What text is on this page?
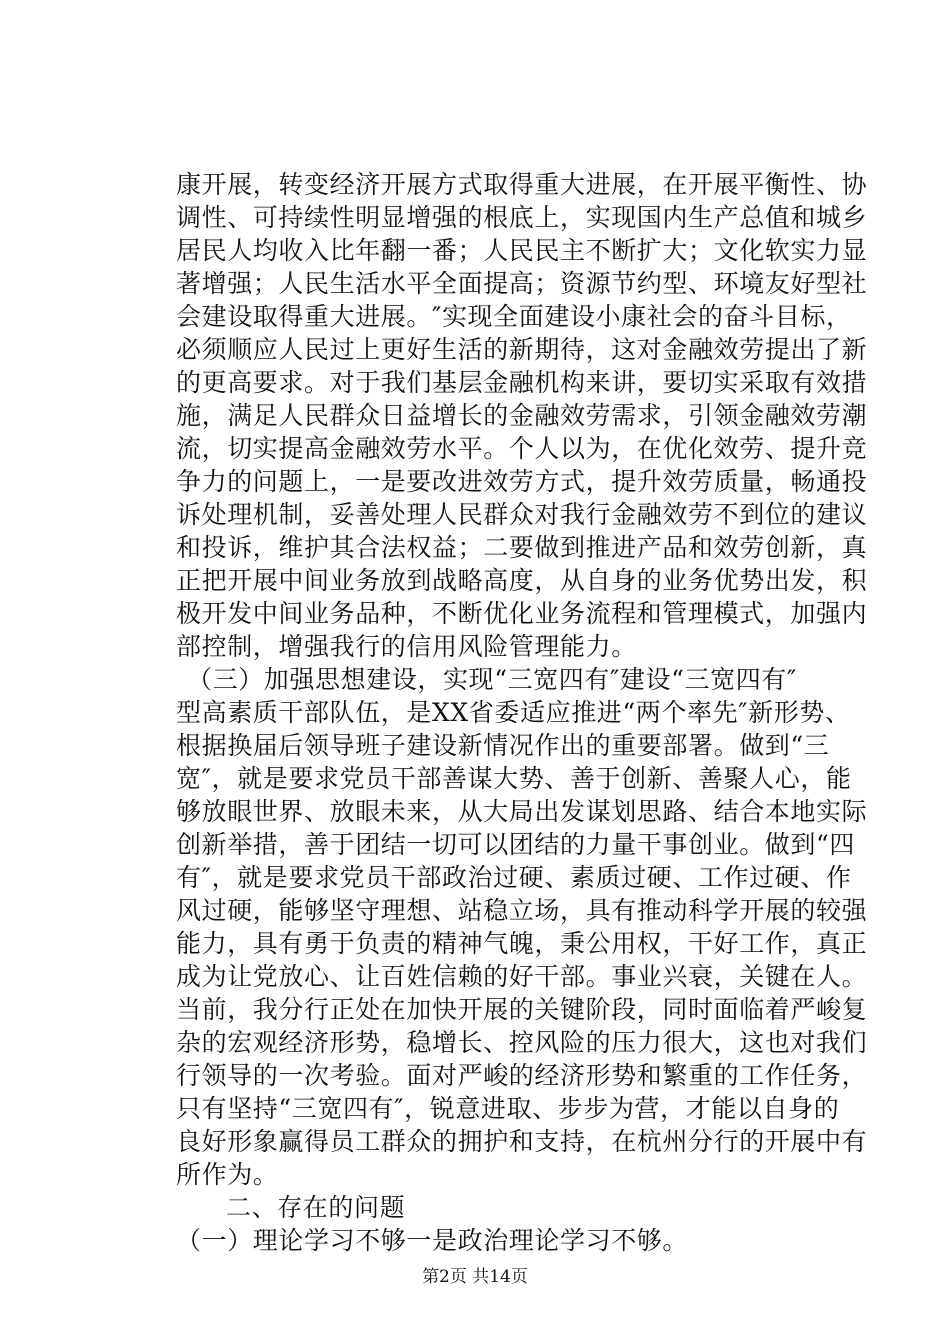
康开展，转变经济开展方式取得重大进展，在开展平衡性、协
调性、可持续性明显增强的根底上，实现国内生产总值和城乡
居民人均收入比年翻一番；人民民主不断扩大；文化软实力显
著增强；人民生活水平全面提高；资源节约型、环境友好型社
会建设取得重大进展。″实现全面建设小康社会的奋斗目标，
必须顺应人民过上更好生活的新期待，这对金融效劳提出了新
的更高要求。对于我们基层金融机构来讲，要切实采取有效措
施，满足人民群众日益增长的金融效劳需求，引领金融效劳潮
流，切实提高金融效劳水平。个人以为，在优化效劳、提升竞
争力的问题上，一是要改进效劳方式，提升效劳质量，畅通投
诉处理机制，妥善处理人民群众对我行金融效劳不到位的建议
和投诉，维护其合法权益；二要做到推进产品和效劳创新，真
正把开展中间业务放到战略高度，从自身的业务优势出发，积
极开发中间业务品种，不断优化业务流程和管理模式，加强内
部控制，增强我行的信用风险管理能力。
（三）加强思想建设，实现“三宽四有″建设“三宽四有″
型高素质干部队伍，是XX省委适应推进“两个率先″新形势、
根据换届后领导班子建设新情况作出的重要部署。做到“三
宽″，就是要求党员干部善谋大势、善于创新、善聚人心，能
够放眼世界、放眼未来，从大局出发谋划思路、结合本地实际
创新举措，善于团结一切可以团结的力量干事创业。做到“四
有″，就是要求党员干部政治过硬、素质过硬、工作过硬、作
风过硬，能够坚守理想、站稳立场，具有推动科学开展的较强
能力，具有勇于负责的精神气魄，秉公用权，干好工作，真正
成为让党放心、让百姓信赖的好干部。事业兴衰，关键在人。
当前，我分行正处在加快开展的关键阶段，同时面临着严峻复
杂的宏观经济形势，稳增长、控风险的压力很大，这也对我们
行领导的一次考验。面对严峻的经济形势和繁重的工作任务，
只有坚持“三宽四有″，锐意进取、步步为营，才能以自身的
良好形象赢得员工群众的拥护和支持，在杭州分行的开展中有
所作为。
二、存在的问题
（一）理论学习不够一是政治理论学习不够。
第2页 共14页
